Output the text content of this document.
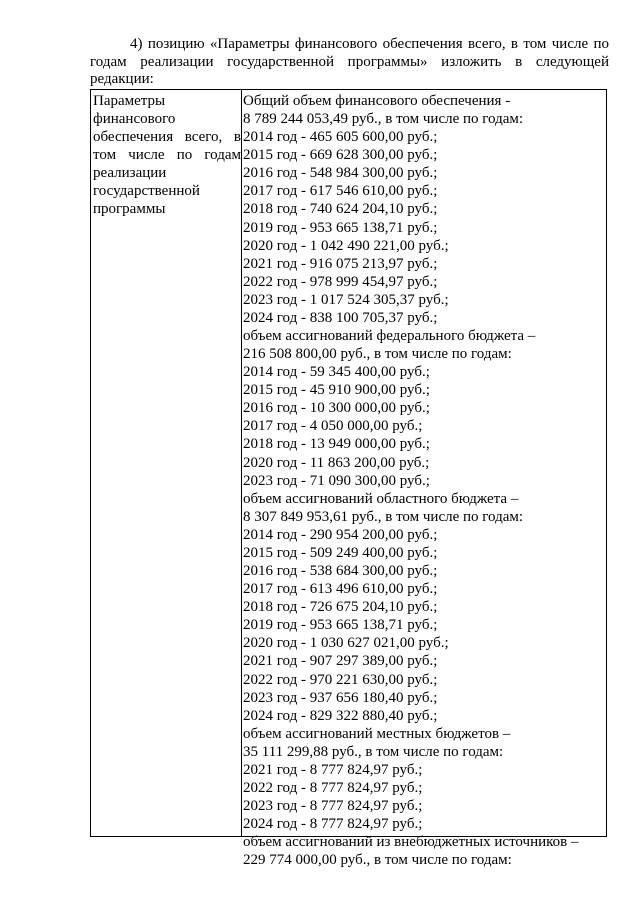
4) позицию «Параметры финансового обеспечения всего, в том числе по годам реализации государственной программы» изложить в следующей редакции:

Параметры
финансового
обеспечения всего, в
том числе по годам
реализации
государственной
программы
Общий объем финансового обеспечения -
8 789 244 053,49 руб., в том числе по годам:
2014 год - 465 605 600,00 руб.;
2015 год - 669 628 300,00 руб.;
2016 год - 548 984 300,00 руб.;
2017 год - 617 546 610,00 руб.;
2018 год - 740 624 204,10 руб.;
2019 год - 953 665 138,71 руб.;
2020 год - 1 042 490 221,00 руб.;
2021 год - 916 075 213,97 руб.;
2022 год - 978 999 454,97 руб.;
2023 год - 1 017 524 305,37 руб.;
2024 год - 838 100 705,37 руб.;
объем ассигнований федерального бюджета –
216 508 800,00 руб., в том числе по годам:
2014 год - 59 345 400,00 руб.;
2015 год - 45 910 900,00 руб.;
2016 год - 10 300 000,00 руб.;
2017 год - 4 050 000,00 руб.;
2018 год - 13 949 000,00 руб.;
2020 год - 11 863 200,00 руб.;
2023 год - 71 090 300,00 руб.;
объем ассигнований областного бюджета –
8 307 849 953,61 руб., в том числе по годам:
2014 год - 290 954 200,00 руб.;
2015 год - 509 249 400,00 руб.;
2016 год - 538 684 300,00 руб.;
2017 год - 613 496 610,00 руб.;
2018 год - 726 675 204,10 руб.;
2019 год - 953 665 138,71 руб.;
2020 год - 1 030 627 021,00 руб.;
2021 год - 907 297 389,00 руб.;
2022 год - 970 221 630,00 руб.;
2023 год - 937 656 180,40 руб.;
2024 год - 829 322 880,40 руб.;
объем ассигнований местных бюджетов –
35 111 299,88 руб., в том числе по годам:
2021 год - 8 777 824,97 руб.;
2022 год - 8 777 824,97 руб.;
2023 год - 8 777 824,97 руб.;
2024 год - 8 777 824,97 руб.;
объем ассигнований из внебюджетных источников –
229 774 000,00 руб., в том числе по годам:
